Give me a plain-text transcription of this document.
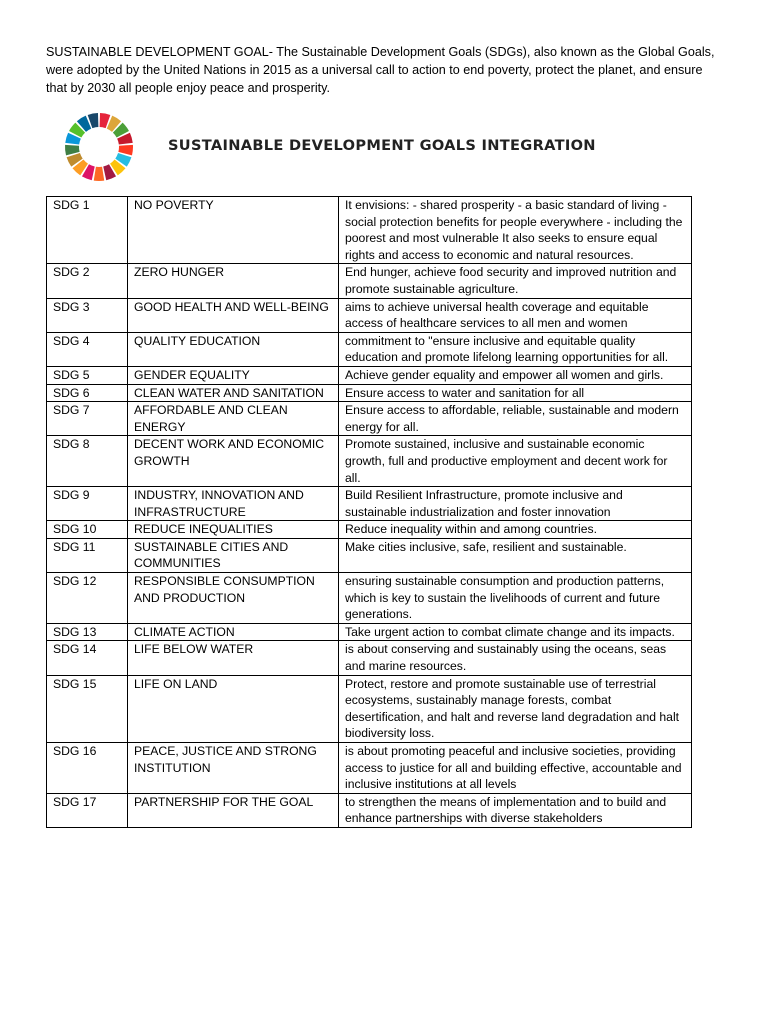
SUSTAINABLE DEVELOPMENT GOAL- The Sustainable Development Goals (SDGs), also known as the Global Goals, were adopted by the United Nations in 2015 as a universal call to action to end poverty, protect the planet, and ensure that by 2030 all people enjoy peace and prosperity.

SUSTAINABLE DEVELOPMENT GOALS INTEGRATION
SDG 1	NO POVERTY	It envisions: - shared prosperity - a basic standard of living - social protection benefits for people everywhere - including the poorest and most vulnerable It also seeks to ensure equal rights and access to economic and natural resources.
SDG 2	ZERO HUNGER	End hunger, achieve food security and improved nutrition and promote sustainable agriculture.
SDG 3	GOOD HEALTH AND WELL-BEING	aims to achieve universal health coverage and equitable access of healthcare services to all men and women
SDG 4	QUALITY EDUCATION	commitment to "ensure inclusive and equitable quality education and promote lifelong learning opportunities for all.
SDG 5	GENDER EQUALITY	Achieve gender equality and empower all women and girls.
SDG 6	CLEAN WATER AND SANITATION	Ensure access to water and sanitation for all
SDG 7	AFFORDABLE AND CLEAN ENERGY	Ensure access to affordable, reliable, sustainable and modern energy for all.
SDG 8	DECENT WORK AND ECONOMIC GROWTH	Promote sustained, inclusive and sustainable economic growth, full and productive employment and decent work for all.
SDG 9	INDUSTRY, INNOVATION AND INFRASTRUCTURE	Build Resilient Infrastructure, promote inclusive and sustainable industrialization and foster innovation
SDG 10	REDUCE INEQUALITIES	Reduce inequality within and among countries.
SDG 11	SUSTAINABLE CITIES AND COMMUNITIES	Make cities inclusive, safe, resilient and sustainable.
SDG 12	RESPONSIBLE CONSUMPTION AND PRODUCTION	ensuring sustainable consumption and production patterns, which is key to sustain the livelihoods of current and future generations.
SDG 13	CLIMATE ACTION	Take urgent action to combat climate change and its impacts.
SDG 14	LIFE BELOW WATER	is about conserving and sustainably using the oceans, seas and marine resources.
SDG 15	LIFE ON LAND	Protect, restore and promote sustainable use of terrestrial ecosystems, sustainably manage forests, combat desertification, and halt and reverse land degradation and halt biodiversity loss.
SDG 16	PEACE, JUSTICE AND STRONG INSTITUTION	is about promoting peaceful and inclusive societies, providing access to justice for all and building effective, accountable and inclusive institutions at all levels
SDG 17	PARTNERSHIP FOR THE GOAL	to strengthen the means of implementation and to build and enhance partnerships with diverse stakeholders
